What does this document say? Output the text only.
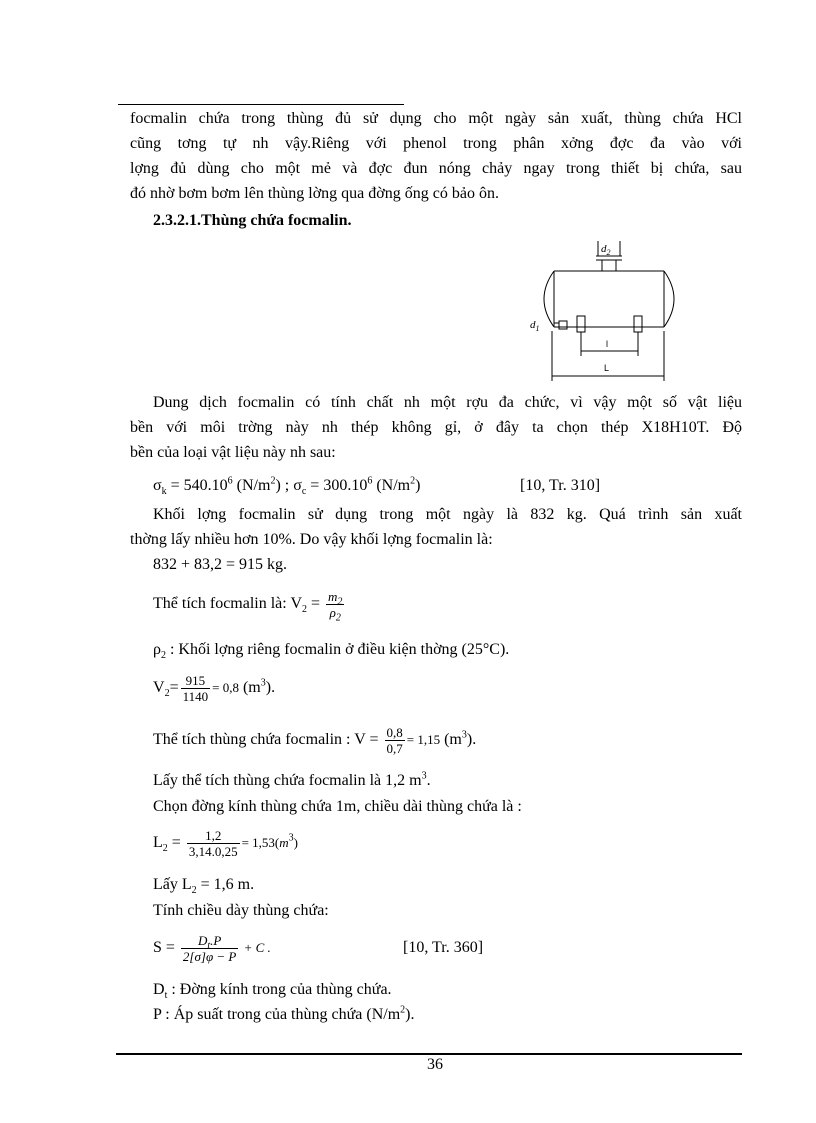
focmalin chứa trong thùng đủ sử dụng cho một ngày sản xuất, thùng chứa HCl
cũng tơng tự nh vậy.Riêng với phenol trong phân xởng đợc đa vào với
lợng đủ dùng cho một mẻ và đợc đun nóng chảy ngay trong thiết bị chứa, sau
đó nhờ bơm bơm lên thùng lờng qua đờng ống có bảo ôn.
2.3.2.1.Thùng chứa focmalin.
$d_2$
$d_1$
l
L
Dung dịch focmalin có tính chất nh một rợu đa chức, vì vậy một số vật liệu
bền với môi trờng này nh thép không gỉ, ở đây ta chọn thép X18H10T. Độ
bền của loại vật liệu này nh sau:
$\sigma_k = 540.10^6$ $(N/m^2)$ ; $\sigma_c = 300.10^6$ $(N/m^2)$	[10, Tr. 310]
Khối lợng focmalin sử dụng trong một ngày là 832 kg. Quá trình sản xuất
thờng lấy nhiều hơn 10%. Do vậy khối lợng focmalin là:
832 + 83,2 = 915 kg.
Thể tích focmalin là: $V_2 = \frac{m_2}{\rho_2}$
$\rho_2$ : Khối lợng riêng focmalin ở điều kiện thờng (25°C).
$V_2= \frac{915}{1140} = 0,8$ $(m^3)$.
Thể tích thùng chứa focmalin : $V = \frac{0,8}{0,7} = 1,15$ $(m^3)$.
Lấy thể tích thùng chứa focmalin là 1,2 $m^3$.
Chọn đờng kính thùng chứa 1m, chiều dài thùng chứa là :
$L_2 = \frac{1,2}{3,14.0,25} = 1,53(m^3)$
Lấy $L_2 = 1,6$ m.
Tính chiều dày thùng chứa:
$S = \frac{D_t.P}{2[\sigma]\varphi - P} + C$ .	[10, Tr. 360]
$D_t$ : Đờng kính trong của thùng chứa.
P : Áp suất trong của thùng chứa $(N/m^2)$.
36
